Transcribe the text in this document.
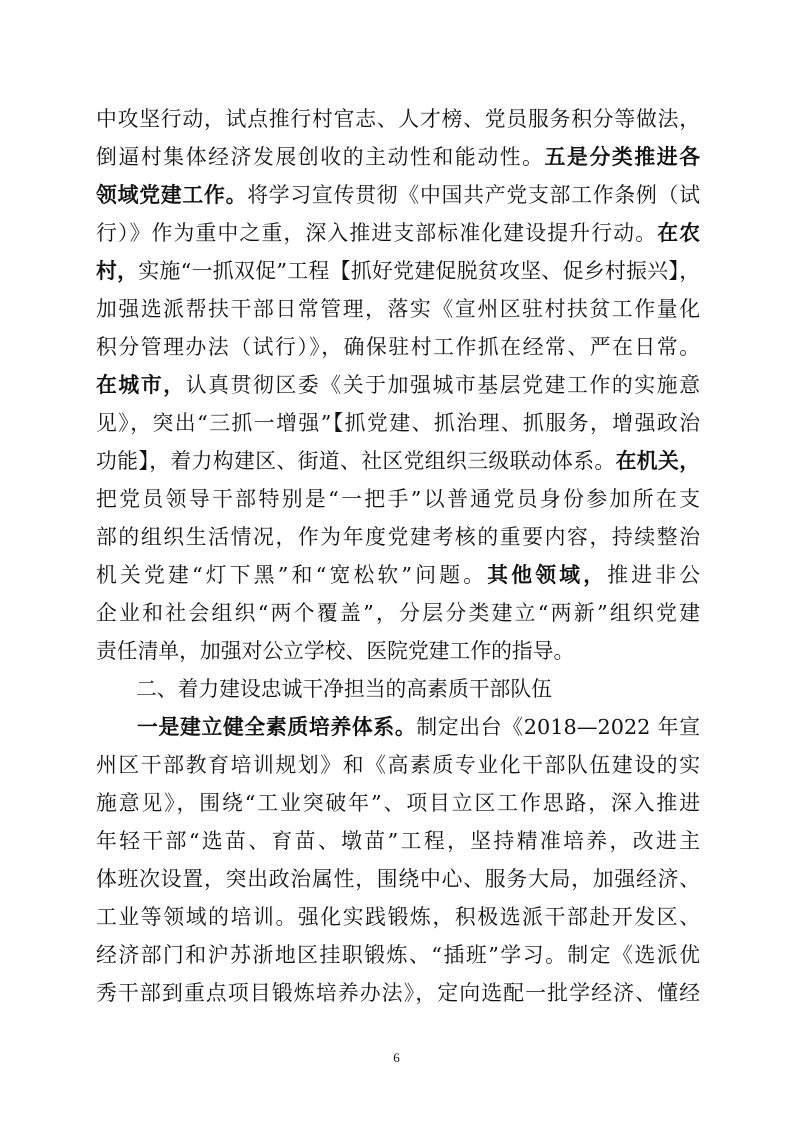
中攻坚行动，试点推行村官志、人才榜、党员服务积分等做法，
倒逼村集体经济发展创收的主动性和能动性。五是分类推进各
领域党建工作。将学习宣传贯彻《中国共产党支部工作条例（试
行）》作为重中之重，深入推进支部标准化建设提升行动。在农
村，实施“一抓双促”工程【抓好党建促脱贫攻坚、促乡村振兴】，
加强选派帮扶干部日常管理，落实《宣州区驻村扶贫工作量化
积分管理办法（试行）》，确保驻村工作抓在经常、严在日常。
在城市，认真贯彻区委《关于加强城市基层党建工作的实施意
见》，突出“三抓一增强”【抓党建、抓治理、抓服务，增强政治
功能】，着力构建区、街道、社区党组织三级联动体系。在机关，
把党员领导干部特别是“一把手”以普通党员身份参加所在支
部的组织生活情况，作为年度党建考核的重要内容，持续整治
机关党建“灯下黑”和“宽松软”问题。其他领域，推进非公
企业和社会组织“两个覆盖”，分层分类建立“两新”组织党建
责任清单，加强对公立学校、医院党建工作的指导。
二、着力建设忠诚干净担当的高素质干部队伍
一是建立健全素质培养体系。制定出台《2018—2022 年宣
州区干部教育培训规划》和《高素质专业化干部队伍建设的实
施意见》，围绕“工业突破年”、项目立区工作思路，深入推进
年轻干部“选苗、育苗、墩苗”工程，坚持精准培养，改进主
体班次设置，突出政治属性，围绕中心、服务大局，加强经济、
工业等领域的培训。强化实践锻炼，积极选派干部赴开发区、
经济部门和沪苏浙地区挂职锻炼、“插班”学习。制定《选派优
秀干部到重点项目锻炼培养办法》，定向选配一批学经济、懂经
6
